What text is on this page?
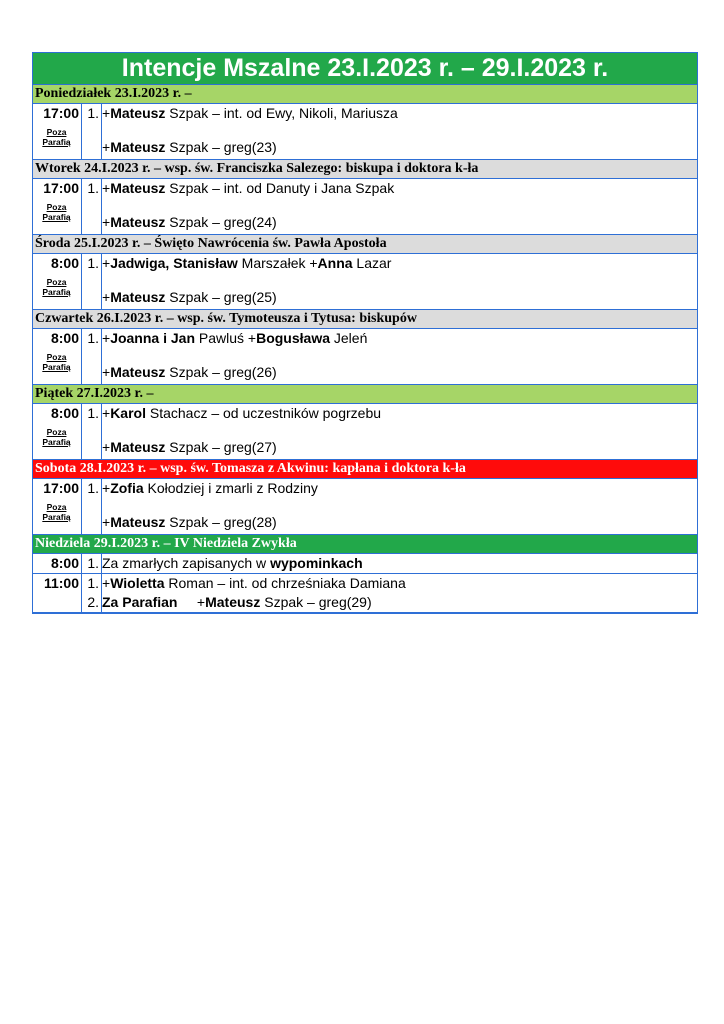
Intencje Mszalne 23.I.2023 r. – 29.I.2023 r.
Poniedziałek 23.I.2023 r. –
17:00
Poza
Parafią
1. +Mateusz Szpak – int. od Ewy, Nikoli, Mariusza
+Mateusz Szpak – greg(23)
Wtorek 24.I.2023 r. – wsp. św. Franciszka Salezego: biskupa i doktora k-ła
17:00
Poza
Parafią
1. +Mateusz Szpak – int. od Danuty i Jana Szpak
+Mateusz Szpak – greg(24)
Środa 25.I.2023 r. – Święto Nawrócenia św. Pawła Apostoła
8:00
Poza
Parafią
1. +Jadwiga, Stanisław Marszałek +Anna Lazar
+Mateusz Szpak – greg(25)
Czwartek 26.I.2023 r. – wsp. św. Tymoteusza i Tytusa: biskupów
8:00
Poza
Parafią
1. +Joanna i Jan Pawluś +Bogusława Jeleń
+Mateusz Szpak – greg(26)
Piątek 27.I.2023 r. –
8:00
Poza
Parafią
1. +Karol Stachacz – od uczestników pogrzebu
+Mateusz Szpak – greg(27)
Sobota 28.I.2023 r. – wsp. św. Tomasza z Akwinu: kapłana i doktora k-ła
17:00
Poza
Parafią
1. +Zofia Kołodziej i zmarli z Rodziny
+Mateusz Szpak – greg(28)
Niedziela 29.I.2023 r. – IV Niedziela Zwykła
8:00 1. Za zmarłych zapisanych w wypominkach
11:00 1.
2.
+Wioletta Roman – int. od chrześniaka Damiana
Za Parafian     +Mateusz Szpak – greg(29)
